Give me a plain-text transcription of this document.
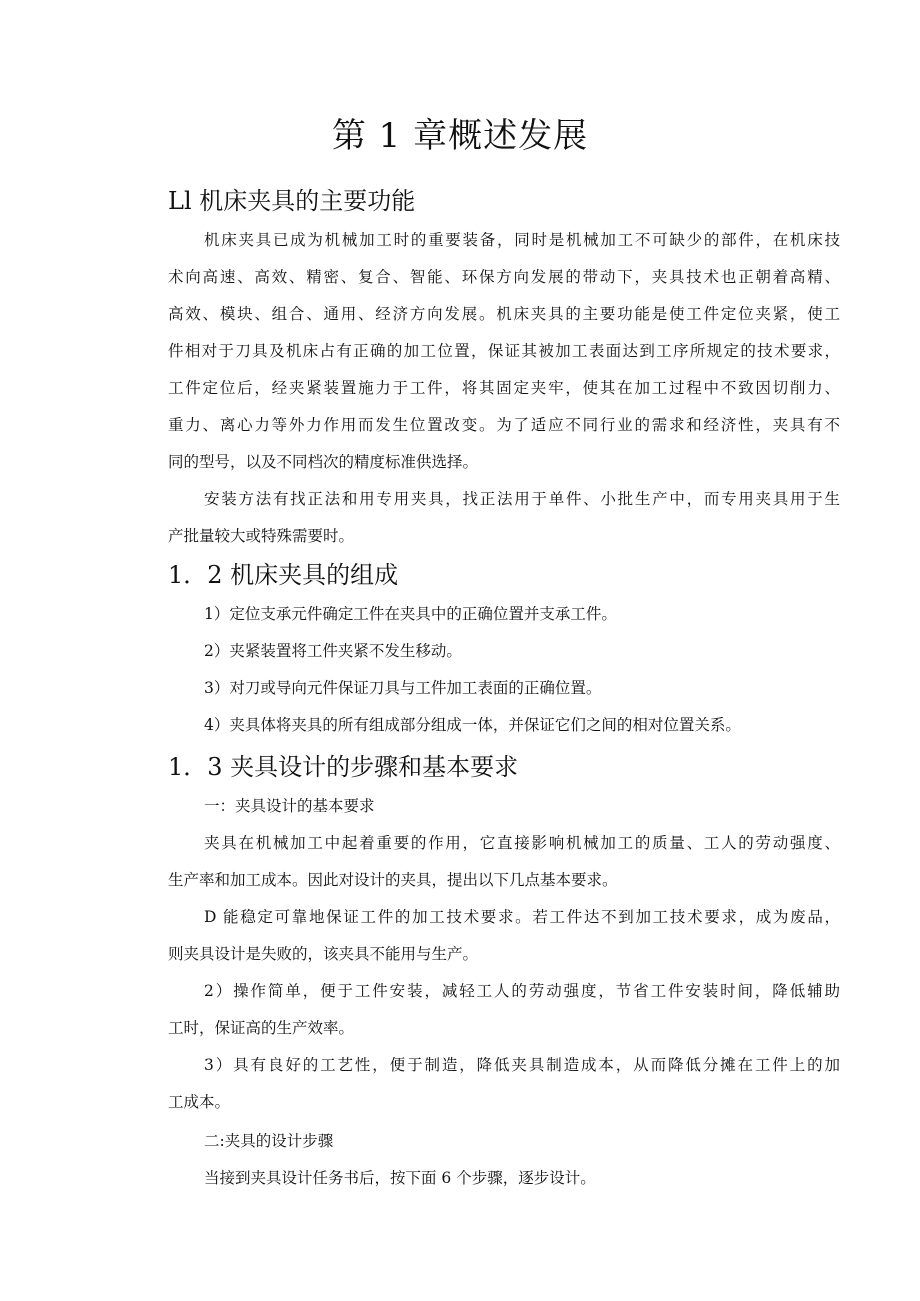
第 1 章概述发展
Ll 机床夹具的主要功能
机床夹具已成为机械加工时的重要装备，同时是机械加工不可缺少的部件，在机床技
术向高速、高效、精密、复合、智能、环保方向发展的带动下，夹具技术也正朝着高精、
高效、模块、组合、通用、经济方向发展。机床夹具的主要功能是使工件定位夹紧，使工
件相对于刀具及机床占有正确的加工位置，保证其被加工表面达到工序所规定的技术要求，
工件定位后，经夹紧装置施力于工件，将其固定夹牢，使其在加工过程中不致因切削力、
重力、离心力等外力作用而发生位置改变。为了适应不同行业的需求和经济性，夹具有不
同的型号，以及不同档次的精度标准供选择。
安装方法有找正法和用专用夹具，找正法用于单件、小批生产中，而专用夹具用于生
产批量较大或特殊需要时。
1．2 机床夹具的组成
1）定位支承元件确定工件在夹具中的正确位置并支承工件。
2）夹紧装置将工件夹紧不发生移动。
3）对刀或导向元件保证刀具与工件加工表面的正确位置。
4）夹具体将夹具的所有组成部分组成一体，并保证它们之间的相对位置关系。
1．3 夹具设计的步骤和基本要求
一：夹具设计的基本要求
夹具在机械加工中起着重要的作用，它直接影响机械加工的质量、工人的劳动强度、
生产率和加工成本。因此对设计的夹具，提出以下几点基本要求。
D 能稳定可靠地保证工件的加工技术要求。若工件达不到加工技术要求，成为废品，
则夹具设计是失败的，该夹具不能用与生产。
2）操作简单，便于工件安装，减轻工人的劳动强度，节省工件安装时间，降低辅助
工时，保证高的生产效率。
3）具有良好的工艺性，便于制造，降低夹具制造成本，从而降低分摊在工件上的加
工成本。
二:夹具的设计步骤
当接到夹具设计任务书后，按下面 6 个步骤，逐步设计。
